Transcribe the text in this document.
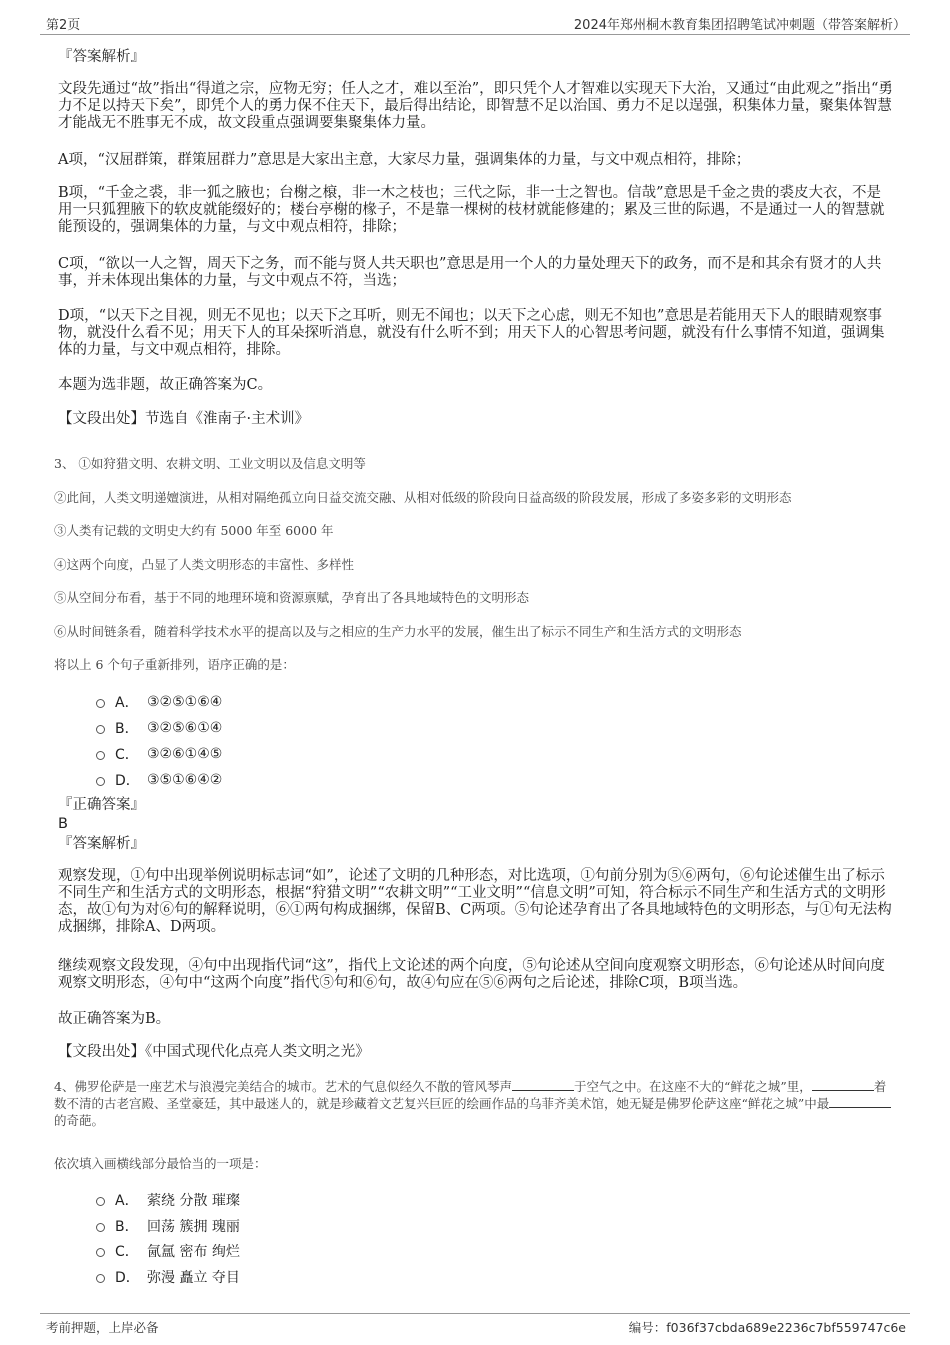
第2页	2024年郑州桐木教育集团招聘笔试冲刺题（带答案解析）
『答案解析』
文段先通过“故”指出“得道之宗，应物无穷；任人之才，难以至治”，即只凭个人才智难以实现天下大治，又通过“由此观之”指出“勇力不足以持天下矣”，即凭个人的勇力保不住天下，最后得出结论，即智慧不足以治国、勇力不足以逞强，积集体力量，聚集体智慧才能战无不胜事无不成，故文段重点强调要集聚集体力量。
A项，“汉屈群策，群策屈群力”意思是大家出主意，大家尽力量，强调集体的力量，与文中观点相符，排除；
B项，“千金之裘，非一狐之腋也；台榭之榱，非一木之枝也；三代之际，非一士之智也。信哉”意思是千金之贵的裘皮大衣，不是用一只狐狸腋下的软皮就能缀好的；楼台亭榭的椽子，不是靠一棵树的枝材就能修建的；累及三世的际遇，不是通过一人的智慧就能预设的，强调集体的力量，与文中观点相符，排除；
C项，“欲以一人之智，周天下之务，而不能与贤人共天职也”意思是用一个人的力量处理天下的政务，而不是和其余有贤才的人共事，并未体现出集体的力量，与文中观点不符，当选；
D项，“以天下之目视，则无不见也；以天下之耳听，则无不闻也；以天下之心虑，则无不知也”意思是若能用天下人的眼睛观察事物，就没什么看不见；用天下人的耳朵探听消息，就没有什么听不到；用天下人的心智思考问题，就没有什么事情不知道，强调集体的力量，与文中观点相符，排除。
本题为选非题，故正确答案为C。
【文段出处】节选自《淮南子·主术训》
3、 ①如狩猎文明、农耕文明、工业文明以及信息文明等
②此间，人类文明递嬗演进，从相对隔绝孤立向日益交流交融、从相对低级的阶段向日益高级的阶段发展，形成了多姿多彩的文明形态
③人类有记载的文明史大约有 5000 年至 6000 年
④这两个向度，凸显了人类文明形态的丰富性、多样性
⑤从空间分布看，基于不同的地理环境和资源禀赋，孕育出了各具地域特色的文明形态
⑥从时间链条看，随着科学技术水平的提高以及与之相应的生产力水平的发展，催生出了标示不同生产和生活方式的文明形态
将以上 6 个句子重新排列，语序正确的是：
A． ③②⑤①⑥④
B． ③②⑤⑥①④
C． ③②⑥①④⑤
D． ③⑤①⑥④②
『正确答案』
B
『答案解析』
观察发现，①句中出现举例说明标志词“如”，论述了文明的几种形态，对比选项，①句前分别为⑤⑥两句，⑥句论述催生出了标示不同生产和生活方式的文明形态，根据“狩猎文明”“农耕文明”“工业文明”“信息文明”可知，符合标示不同生产和生活方式的文明形态，故①句为对⑥句的解释说明，⑥①两句构成捆绑，保留B、C两项。⑤句论述孕育出了各具地域特色的文明形态，与①句无法构成捆绑，排除A、D两项。
继续观察文段发现，④句中出现指代词“这”，指代上文论述的两个向度，⑤句论述从空间向度观察文明形态，⑥句论述从时间向度观察文明形态，④句中“这两个向度”指代⑤句和⑥句，故④句应在⑤⑥两句之后论述，排除C项，B项当选。
故正确答案为B。
【文段出处】《中国式现代化点亮人类文明之光》
4、佛罗伦萨是一座艺术与浪漫完美结合的城市。艺术的气息似经久不散的管风琴声	于空气之中。在这座不大的“鲜花之城”里，	着数不清的古老宫殿、圣堂豪廷，其中最迷人的，就是珍藏着文艺复兴巨匠的绘画作品的乌菲齐美术馆，她无疑是佛罗伦萨这座“鲜花之城”中最的奇葩。
依次填入画横线部分最恰当的一项是：
A． 萦绕 分散 璀璨
B． 回荡 簇拥 瑰丽
C． 氤氲 密布 绚烂
D． 弥漫 矗立 夺目
考前押题，上岸必备	编号：f036f37cbda689e2236c7bf559747c6e
